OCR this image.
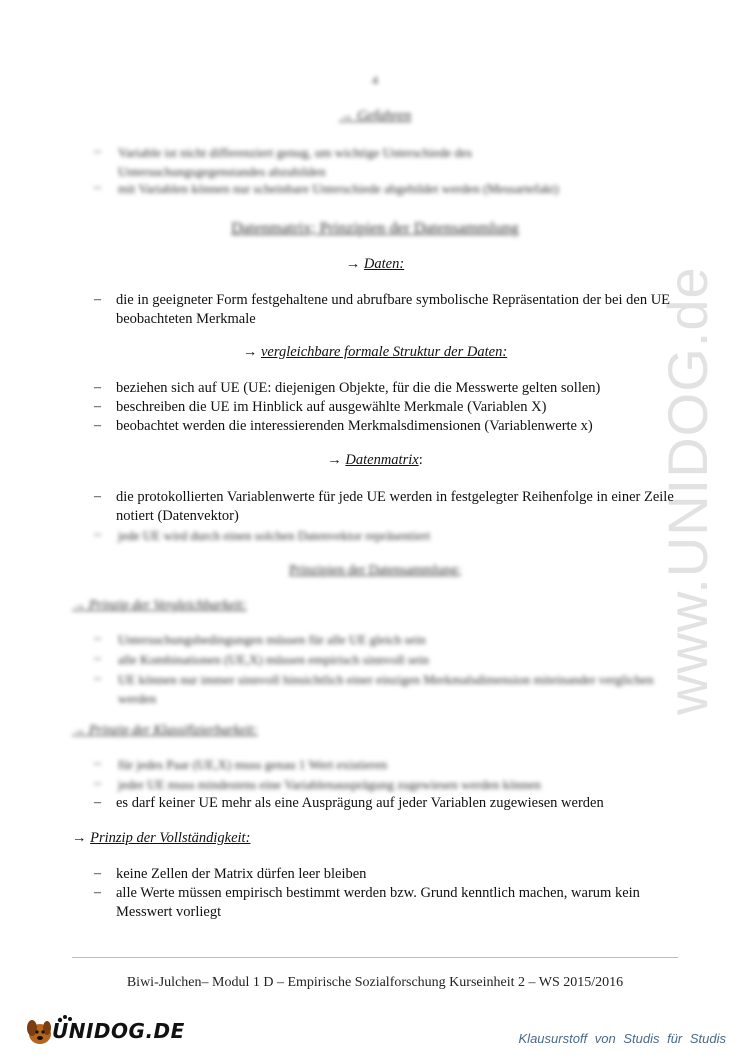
www.UNIDOG.de
4
→ Gefahren
– Variable ist nicht differenziert genug, um wichtige Unterschiede des Untersuchungsgegenstandes abzubilden
– mit Variablen können nur scheinbare Unterschiede abgebildet werden (Messartefakt)
Datenmatrix; Prinzipien der Datensammlung
→ Daten:
– die in geeigneter Form festgehaltene und abrufbare symbolische Repräsentation der bei den UE beobachteten Merkmale
→ vergleichbare formale Struktur der Daten:
– beziehen sich auf UE (UE: diejenigen Objekte, für die die Messwerte gelten sollen)
– beschreiben die UE im Hinblick auf ausgewählte Merkmale (Variablen X)
– beobachtet werden die interessierenden Merkmalsdimensionen (Variablenwerte x)
→ Datenmatrix:
– die protokollierten Variablenwerte für jede UE werden in festgelegter Reihenfolge in einer Zeile notiert (Datenvektor)
– jede UE wird durch einen solchen Datenvektor repräsentiert
Prinzipien der Datensammlung:
→ Prinzip der Vergleichbarkeit:
– Untersuchungsbedingungen müssen für alle UE gleich sein
– alle Kombinationen (UE,X) müssen empirisch sinnvoll sein
– UE können nur immer sinnvoll hinsichtlich einer einzigen Merkmalsdimension miteinander verglichen werden
→ Prinzip der Klassifizierbarkeit:
– für jedes Paar (UE,X) muss genau 1 Wert existieren
– jeder UE muss mindestens eine Variablenausprägung zugewiesen werden können
– es darf keiner UE mehr als eine Ausprägung auf jeder Variablen zugewiesen werden
→ Prinzip der Vollständigkeit:
– keine Zellen der Matrix dürfen leer bleiben
– alle Werte müssen empirisch bestimmt werden bzw. Grund kenntlich machen, warum kein Messwert vorliegt
Biwi-Julchen– Modul 1 D – Empirische Sozialforschung Kurseinheit 2 – WS 2015/2016
UNIDOG.DE	Klausurstoff von Studis für Studis
